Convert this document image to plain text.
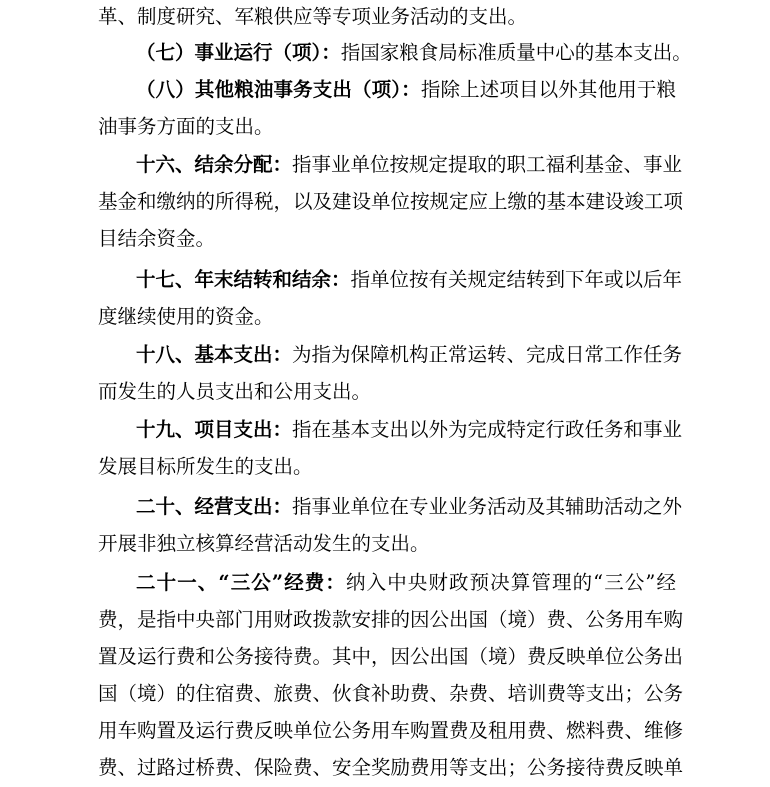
革、制度研究、军粮供应等专项业务活动的支出。
（七）事业运行（项）：指国家粮食局标准质量中心的基本支出。
（八）其他粮油事务支出（项）：指除上述项目以外其他用于粮
油事务方面的支出。
十六、结余分配：指事业单位按规定提取的职工福利基金、事业
基金和缴纳的所得税，以及建设单位按规定应上缴的基本建设竣工项
目结余资金。
十七、年末结转和结余：指单位按有关规定结转到下年或以后年
度继续使用的资金。
十八、基本支出：为指为保障机构正常运转、完成日常工作任务
而发生的人员支出和公用支出。
十九、项目支出：指在基本支出以外为完成特定行政任务和事业
发展目标所发生的支出。
二十、经营支出：指事业单位在专业业务活动及其辅助活动之外
开展非独立核算经营活动发生的支出。
二十一、“三公”经费：纳入中央财政预决算管理的“三公”经
费，是指中央部门用财政拨款安排的因公出国（境）费、公务用车购
置及运行费和公务接待费。其中，因公出国（境）费反映单位公务出
国（境）的住宿费、旅费、伙食补助费、杂费、培训费等支出；公务
用车购置及运行费反映单位公务用车购置费及租用费、燃料费、维修
费、过路过桥费、保险费、安全奖励费用等支出；公务接待费反映单
